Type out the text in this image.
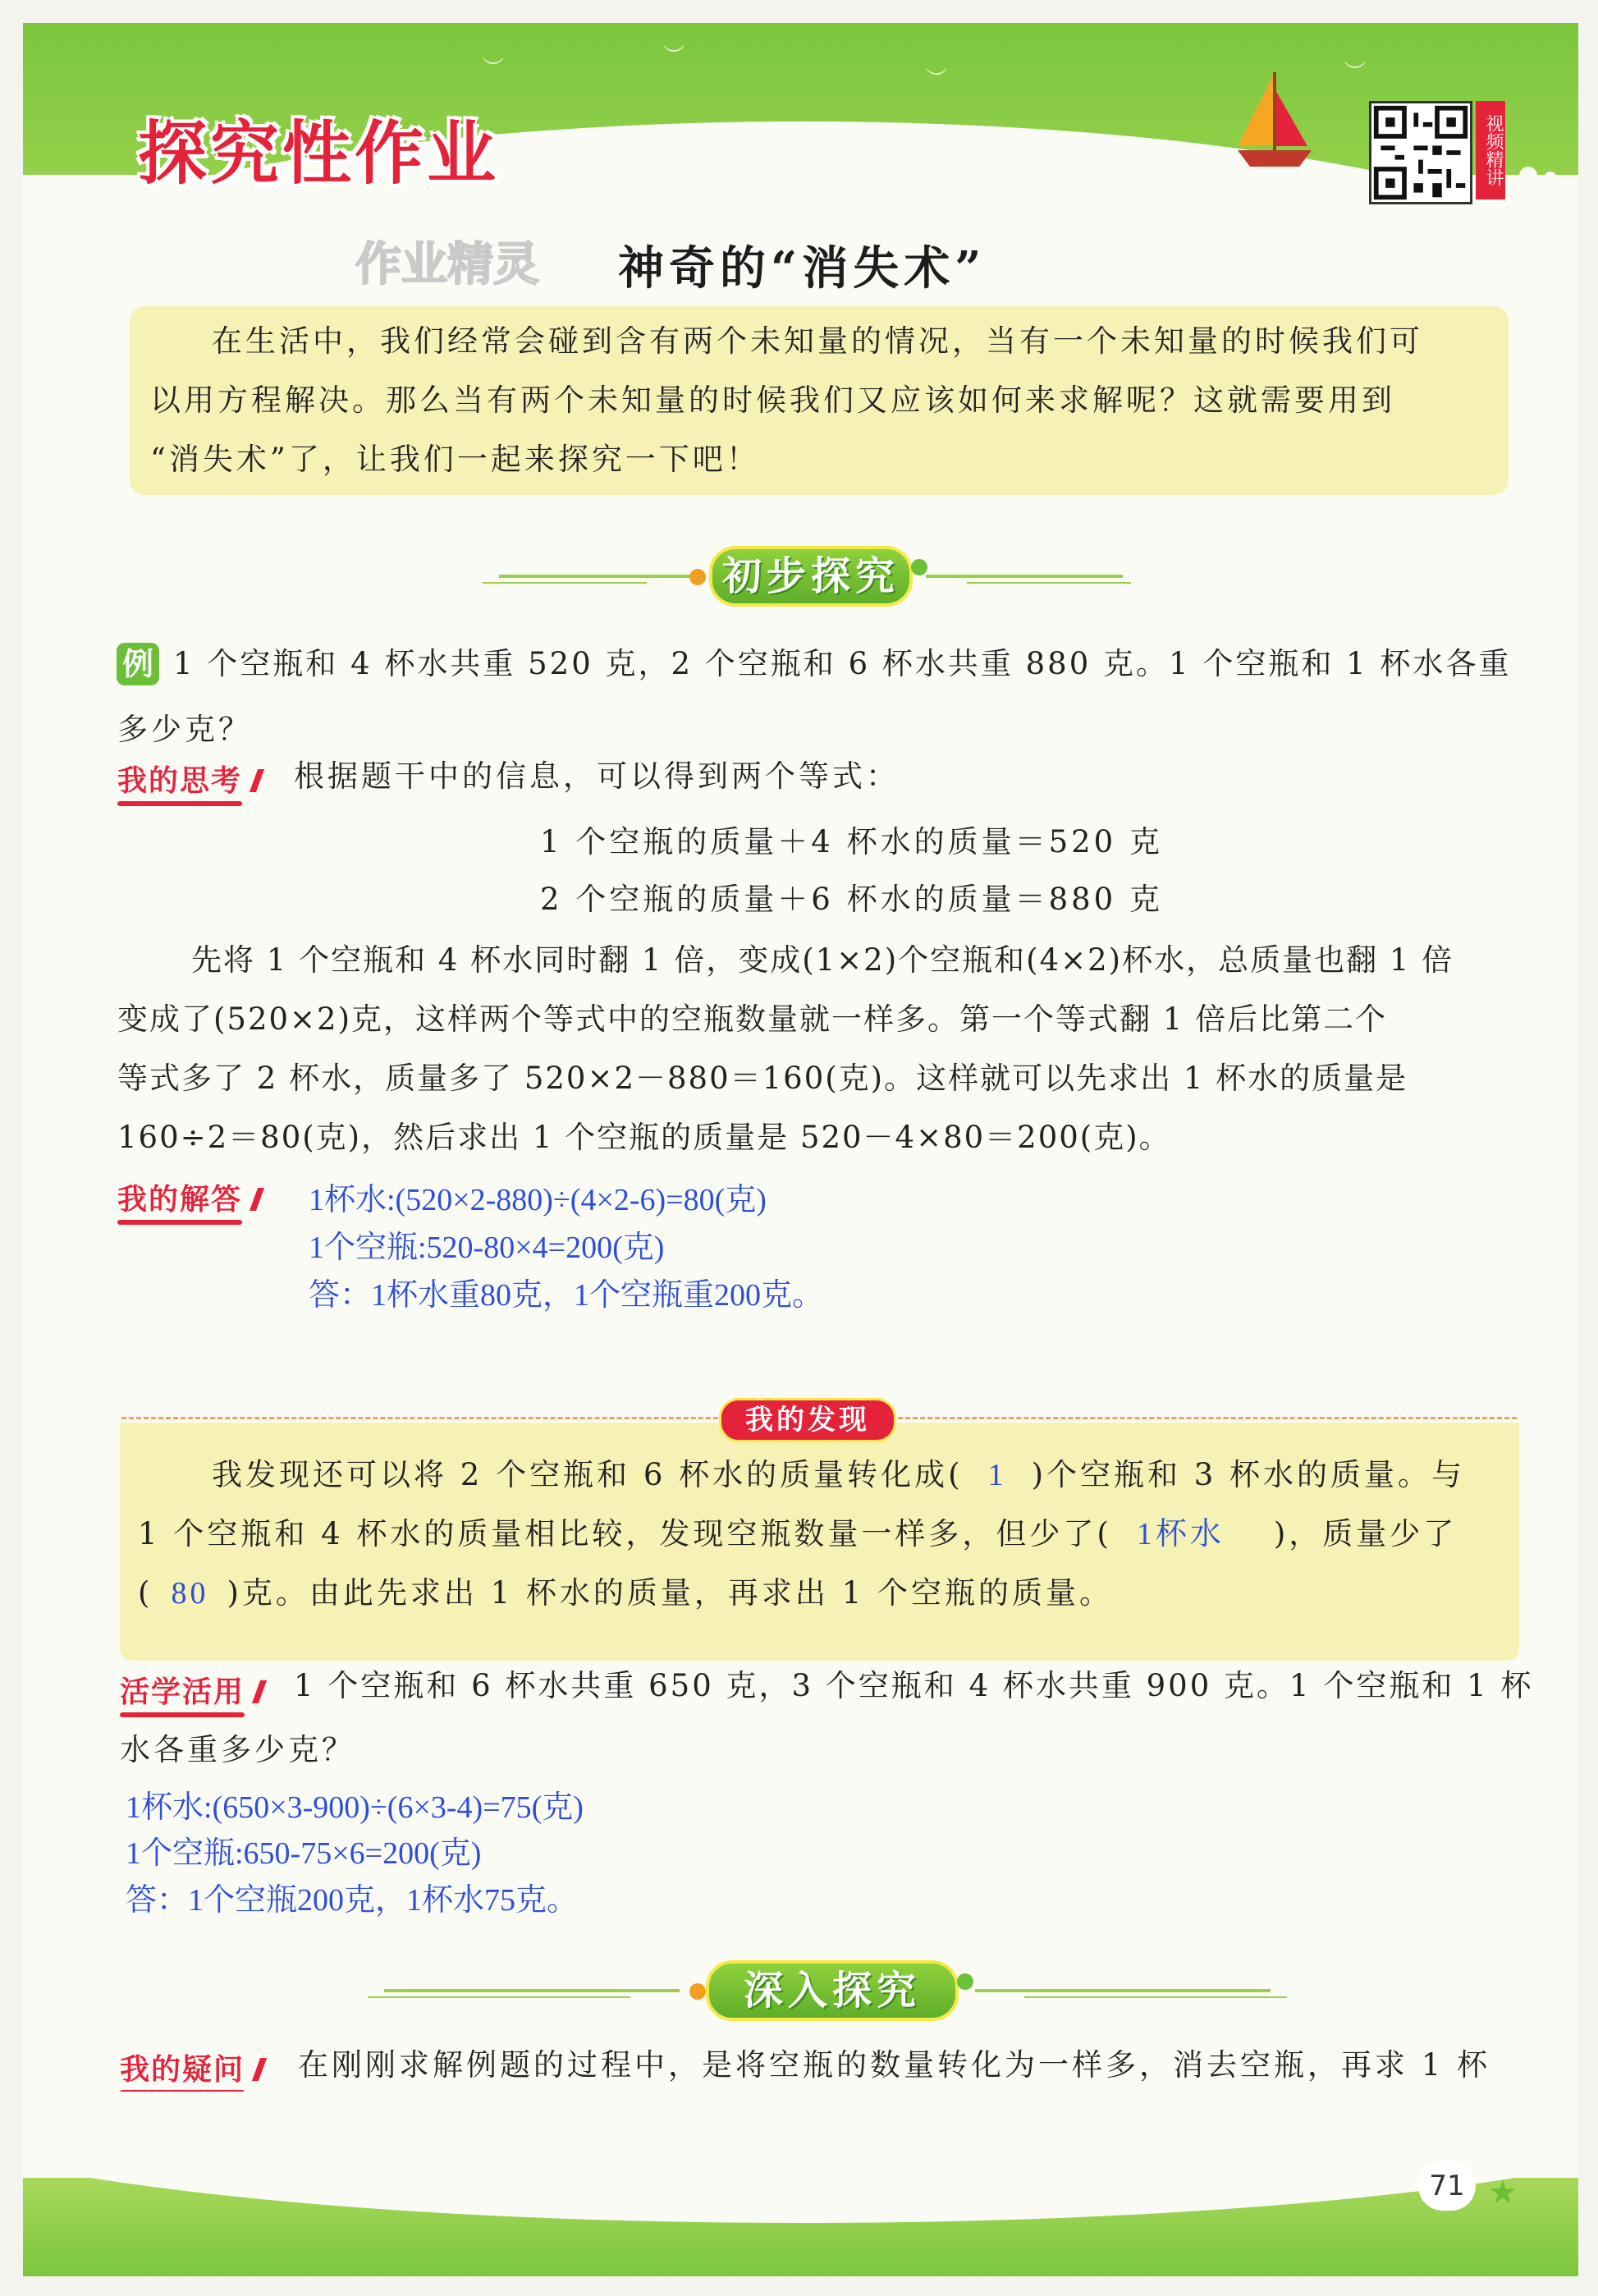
︶	︶
︶	︶
探究性作业	视频精讲
作业精灵 神奇的“消失术”
在生活中，我们经常会碰到含有两个未知量的情况，当有一个未知量的时候我们可
以用方程解决。那么当有两个未知量的时候我们又应该如何来求解呢？这就需要用到
“消失术”了，让我们一起来探究一下吧！
初步探究
例 1 个空瓶和 4 杯水共重 520 克，2 个空瓶和 6 杯水共重 880 克。1 个空瓶和 1 杯水各重
多少克？
我的思考 根据题干中的信息，可以得到两个等式：
1 个空瓶的质量＋4 杯水的质量＝520 克
2 个空瓶的质量＋6 杯水的质量＝880 克
先将 1 个空瓶和 4 杯水同时翻 1 倍，变成(1×2)个空瓶和(4×2)杯水，总质量也翻 1 倍
变成了(520×2)克，这样两个等式中的空瓶数量就一样多。第一个等式翻 1 倍后比第二个
等式多了 2 杯水，质量多了 520×2－880＝160(克)。这样就可以先求出 1 杯水的质量是
160÷2＝80(克)，然后求出 1 个空瓶的质量是 520－4×80＝200(克)。
我的解答 1杯水:(520×2-880)÷(4×2-6)=80(克)
1个空瓶:520-80×4=200(克)
答：1杯水重80克，1个空瓶重200克。
我的发现
我发现还可以将 2 个空瓶和 6 杯水的质量转化成( 1 )个空瓶和 3 杯水的质量。与
1 个空瓶和 4 杯水的质量相比较，发现空瓶数量一样多，但少了( 1杯水 )，质量少了
( 80 )克。由此先求出 1 杯水的质量，再求出 1 个空瓶的质量。
活学活用 1 个空瓶和 6 杯水共重 650 克，3 个空瓶和 4 杯水共重 900 克。1 个空瓶和 1 杯
水各重多少克？
1杯水:(650×3-900)÷(6×3-4)=75(克)
1个空瓶:650-75×6=200(克)
答：1个空瓶200克，1杯水75克。
深入探究
我的疑问 在刚刚求解例题的过程中，是将空瓶的数量转化为一样多，消去空瓶，再求 1 杯
71 ★
